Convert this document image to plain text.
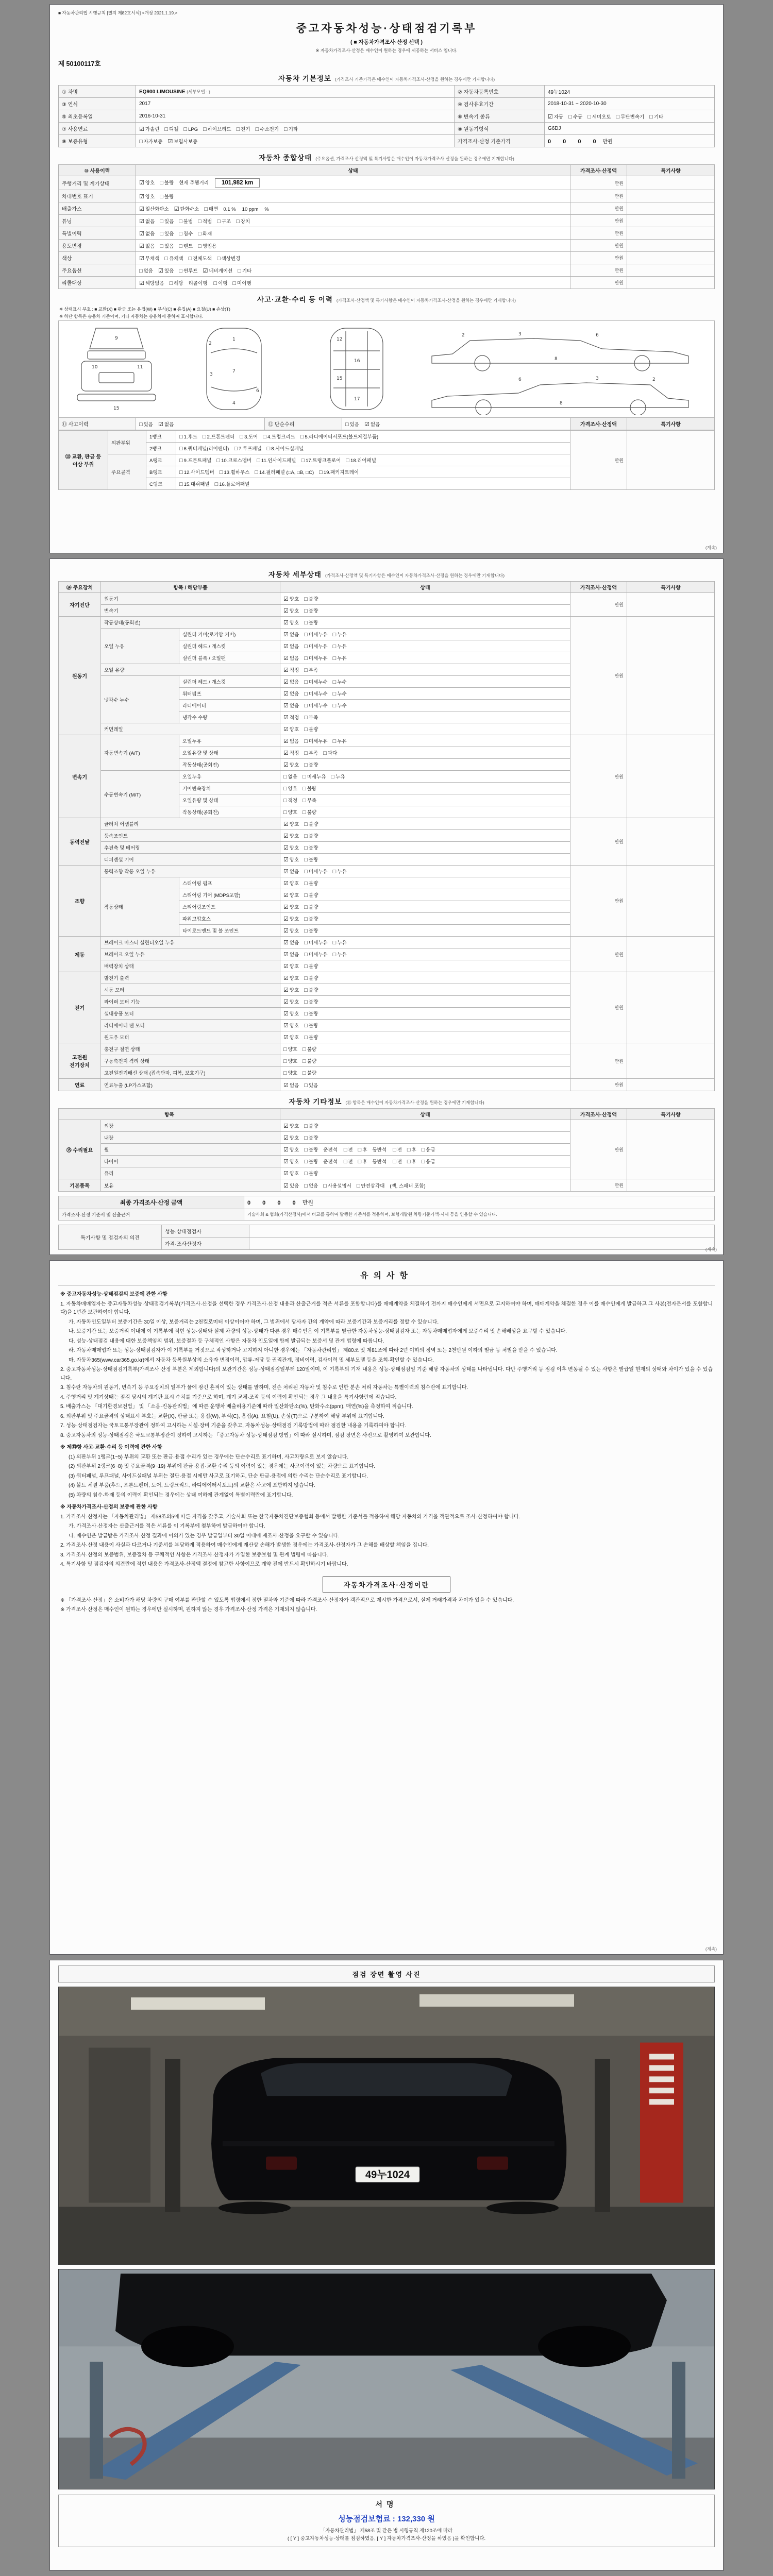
■ 자동차관리법 시행규칙 [별지 제82호서식] <개정 2021.1.19.>
중고자동차성능·상태점검기록부
( ■ 자동차가격조사·산정 선택 )
※ 자동차가격조사·산정은 매수인이 원하는 경우에 제공하는 서비스 입니다.
제 50100117호
자동차 기본정보 (가격조사 기준가격은 매수인이 자동차가격조사·산정을 원하는 경우에만 기재합니다)
① 차명	EQ900 LIMOUSINE (세부모델 : )	② 자동차등록번호	49누1024
③ 연식	2017	④ 검사유효기간	2018-10-31 ~ 2020-10-30
⑤ 최초등록일	2016-10-31	⑥ 변속기 종류	☑ 자동 □ 수동 □ 세미오토 □ 무단변속기 □ 기타
⑦ 사용연료	☑ 가솔린 □ 디젤 □ LPG □ 하이브리드 □ 전기 □ 수소전기 □ 기타	⑧ 원동기형식	G6DJ
⑨ 보증유형	□ 자가보증 ☑ 보험사보증	가격조사·산정 기준가격	0 0 0 0 만원
자동차 종합상태 (주요옵션, 가격조사·산정액 및 특기사항은 매수인이 자동차가격조사·산정을 원하는 경우에만 기재합니다)
⑩ 사용이력	상태	가격조사·산정액	특기사항
주행거리 및 계기상태	☑ 양호 □ 불량 현재 주행거리 101,982 km	만원	
차대번호 표기	☑ 양호 □ 불량	만원	
배출가스	☑ 일산화탄소 ☑ 탄화수소 □ 매연 0.1 % 10 ppm %	만원	
튜닝	☑ 없음 □ 있음 □ 불법 □ 적법 □ 구조 □ 장치	만원	
특별이력	☑ 없음 □ 있음 □ 침수 □ 화재	만원	
용도변경	☑ 없음 □ 있음 □ 렌트 □ 영업용	만원	
색상	☑ 무채색 □ 유채색 □ 전체도색 □ 색상변경	만원	
주요옵션	□ 없음 ☑ 있음 □ 썬루프 ☑ 네비게이션 □ 기타	만원	
리콜대상	☑ 해당없음 □ 해당 리콜이행 □ 이행 □ 미이행	만원	
사고·교환·수리 등 이력 (가격조사·산정액 및 특기사항은 매수인이 자동차가격조사·산정을 원하는 경우에만 기재합니다)
※ 상태표시 부호 : ■ 교환(X) ■ 판금 또는 용접(W) ■ 부식(C) ■ 흠집(A) ■ 요철(U) ■ 손상(T)
※ 하단 항목은 승용차 기준이며, 기타 자동차는 승용차에 준하여 표시합니다.
9
10	11
15
1
7
4
3
2
6
16
12
17
15
2	3	6
8
2
3
6
8
⑪ 사고이력	□ 있음 ☑ 없음	⑫ 단순수리	□ 있음 ☑ 없음	가격조사·산정액	특기사항
⑬ 교환, 판금 등 이상 부위	외판부위	1랭크	□ 1.후드 □ 2.프론트펜더 □ 3.도어 □ 4.트렁크리드 □ 5.라디에이터서포트(볼트체결부품)	만원	
		2랭크	□ 6.쿼터패널(리어펜더) □ 7.루프패널 □ 8.사이드실패널		
	주요골격	A랭크	□ 9.프론트패널 □ 10.크로스멤버 □ 11.인사이드패널 □ 17.트렁크플로어 □ 18.리어패널		
		B랭크	□ 12.사이드멤버 □ 13.휠하우스 □ 14.필러패널 (□A, □B, □C) □ 19.패키지트레이		
		C랭크	□ 15.대쉬패널 □ 16.플로어패널		
(계속)
자동차 세부상태 (가격조사·산정액 및 특기사항은 매수인이 자동차가격조사·산정을 원하는 경우에만 기재합니다)
⑭ 주요장치	항목 / 해당부품		상태	가격조사·산정액	특기사항
자기진단	원동기		☑ 양호 □ 불량	만원	
	변속기		☑ 양호 □ 불량		
원동기	작동상태(공회전)		☑ 양호 □ 불량	만원	
	오일 누유	실린더 커버(로커암 커버)	☑ 없음 □ 미세누유 □ 누유		
		실린더 헤드 / 개스킷	☑ 없음 □ 미세누유 □ 누유		
		실린더 블록 / 오일팬	☑ 없음 □ 미세누유 □ 누유		
	오일 유량		☑ 적정 □ 부족		
	냉각수 누수	실린더 헤드 / 개스킷	☑ 없음 □ 미세누수 □ 누수		
		워터펌프	☑ 없음 □ 미세누수 □ 누수		
		라디에이터	☑ 없음 □ 미세누수 □ 누수		
		냉각수 수량	☑ 적정 □ 부족		
	커먼레일		☑ 양호 □ 불량		
변속기	자동변속기 (A/T)	오일누유	☑ 없음 □ 미세누유 □ 누유	만원	
		오일유량 및 상태	☑ 적정 □ 부족 □ 과다		
		작동상태(공회전)	☑ 양호 □ 불량		
	수동변속기 (M/T)	오일누유	□ 없음 □ 미세누유 □ 누유		
		기어변속장치	□ 양호 □ 불량		
		오일유량 및 상태	□ 적정 □ 부족		
		작동상태(공회전)	□ 양호 □ 불량		
동력전달	클러치 어셈블리		☑ 양호 □ 불량	만원	
	등속조인트		☑ 양호 □ 불량		
	추진축 및 베어링		☑ 양호 □ 불량		
	디퍼렌셜 기어		☑ 양호 □ 불량		
조향	동력조향 작동 오일 누유		☑ 없음 □ 미세누유 □ 누유	만원	
	작동상태	스티어링 펌프	☑ 양호 □ 불량		
		스티어링 기어 (MDPS포함)	☑ 양호 □ 불량		
		스티어링조인트	☑ 양호 □ 불량		
		파워고압호스	☑ 양호 □ 불량		
		타이로드엔드 및 볼 조인트	☑ 양호 □ 불량		
제동	브레이크 마스터 실린더오일 누유		☑ 없음 □ 미세누유 □ 누유	만원	
	브레이크 오일 누유		☑ 없음 □ 미세누유 □ 누유		
	배력장치 상태		☑ 양호 □ 불량		
전기	발전기 출력		☑ 양호 □ 불량	만원	
	시동 모터		☑ 양호 □ 불량		
	와이퍼 모터 기능		☑ 양호 □ 불량		
	실내송풍 모터		☑ 양호 □ 불량		
	라디에이터 팬 모터		☑ 양호 □ 불량		
	윈도우 모터		☑ 양호 □ 불량		
고전원 전기장치	충전구 절연 상태		□ 양호 □ 불량	만원	
	구동축전지 격리 상태		□ 양호 □ 불량		
	고전원전기배선 상태 (접속단자, 피복, 보호기구)		□ 양호 □ 불량		
연료	연료누출 (LP가스포함)		☑ 없음 □ 있음	만원	
자동차 기타정보 (⑮ 항목은 매수인이 자동차가격조사·산정을 원하는 경우에만 기재합니다)
항목		상태	가격조사·산정액	특기사항
⑮ 수리필요	외장	☑ 양호 □ 불량	만원	
	내장	☑ 양호 □ 불량		
	휠	☑ 양호 □ 불량 운전석 □ 전 □ 후 동반석 □ 전 □ 후 □ 응급		
	타이어	☑ 양호 □ 불량 운전석 □ 전 □ 후 동반석 □ 전 □ 후 □ 응급		
	유리	☑ 양호 □ 불량		
기본품목	보유	☑ 있음 □ 없음 □ 사용설명서 □ 안전삼각대 (잭, 스패너 포함)	만원	
최종 가격조사·산정 금액	0 0 0 0 만원
가격조사·산정 기준서 및 산출근거	기술사회 & 협회(가격산정사)에서 비교를 통하여 발행한 기준서를 적용하며, 보험개발원 차량기준가액·시세 등을 인용할 수 있습니다.
특기사항 및 점검자의 의견	성능·상태점검자	
	가격·조사산정자	
(계속)
유의사항
※ 중고자동차성능·상태점검의 보증에 관한 사항
1. 자동차매매업자는 중고자동차성능·상태점검기록부(가격조사·산정을 선택한 경우 가격조사·산정 내용과 산출근거를 적은 서류를 포함합니다)를 매매계약을 체결하기 전까지 매수인에게 서면으로 고지하여야 하며, 매매계약을 체결한 경우 이를 매수인에게 발급하고 그 사본(전자문서를 포함합니다)을 1년간 보관하여야 합니다.
가. 자동차인도일부터 보증기간은 30일 이상, 보증거리는 2천킬로미터 이상이어야 하며, 그 범위에서 당사자 간의 계약에 따라 보증기간과 보증거리를 정할 수 있습니다.
나. 보증기간 또는 보증거리 이내에 이 기록부에 적힌 성능·상태와 실제 차량의 성능·상태가 다른 경우 매수인은 이 기록부를 발급한 자동차성능·상태점검자 또는 자동차매매업자에게 보증수리 및 손해배상을 요구할 수 있습니다.
다. 성능·상태점검 내용에 대한 보증책임의 범위, 보증절차 등 구체적인 사항은 자동차 인도일에 함께 발급되는 보증서 및 관계 법령에 따릅니다.
라. 자동차매매업자 또는 성능·상태점검자가 이 기록부를 거짓으로 작성하거나 고지하지 아니한 경우에는 「자동차관리법」 제80조 및 제81조에 따라 2년 이하의 징역 또는 2천만원 이하의 벌금 등 처벌을 받을 수 있습니다.
마. 자동차365(www.car365.go.kr)에서 자동차 등록원부상의 소유자 변경이력, 압류·저당 등 권리관계, 정비이력, 검사이력 및 세부모델 등을 조회·확인할 수 있습니다.
2. 중고자동차성능·상태점검기록부(가격조사·산정 부분은 제외합니다)의 보관기간은 성능·상태점검일부터 120일이며, 이 기록부의 기재 내용은 성능·상태점검일 기준 해당 자동차의 상태를 나타냅니다. 다만 주행거리 등 점검 이후 변동될 수 있는 사항은 발급일 현재의 상태와 차이가 있을 수 있습니다.
3. 침수란 자동차의 원동기, 변속기 등 주요장치의 일부가 물에 잠긴 흔적이 있는 상태를 말하며, 전손 처리된 자동차 및 침수로 인한 분손 처리 자동차는 특별이력의 침수란에 표기합니다.
4. 주행거리 및 계기상태는 점검 당시의 계기판 표시 수치를 기준으로 하며, 계기 교체·조작 등의 이력이 확인되는 경우 그 내용을 특기사항란에 적습니다.
5. 배출가스는 「대기환경보전법」 및 「소음·진동관리법」에 따른 운행차 배출허용기준에 따라 일산화탄소(%), 탄화수소(ppm), 매연(%)을 측정하여 적습니다.
6. 외판부위 및 주요골격의 상태표시 부호는 교환(X), 판금 또는 용접(W), 부식(C), 흠집(A), 요철(U), 손상(T)으로 구분하여 해당 부위에 표기합니다.
7. 성능·상태점검자는 국토교통부장관이 정하여 고시하는 시설·장비 기준을 갖추고, 자동차성능·상태점검 기록방법에 따라 점검한 내용을 기록하여야 합니다.
8. 중고자동차의 성능·상태점검은 국토교통부장관이 정하여 고시하는 「중고자동차 성능·상태점검 방법」에 따라 실시하며, 점검 장면은 사진으로 촬영하여 보관합니다.
※ 제⑬항 사고·교환·수리 등 이력에 관한 사항
(1) 외판부위 1랭크(1~5) 부위의 교환 또는 판금·용접 수리가 있는 경우에는 단순수리로 표기하며, 사고차량으로 보지 않습니다.
(2) 외판부위 2랭크(6~8) 및 주요골격(9~19) 부위에 판금·용접·교환 수리 등의 이력이 있는 경우에는 사고이력이 있는 차량으로 표기합니다.
(3) 쿼터패널, 루프패널, 사이드실패널 부위는 절단·용접 시에만 사고로 표기하고, 단순 판금·용접에 의한 수리는 단순수리로 표기합니다.
(4) 볼트 체결 부품(후드, 프론트펜더, 도어, 트렁크리드, 라디에이터서포트)의 교환은 사고에 포함하지 않습니다.
(5) 차량의 침수·화재 등의 이력이 확인되는 경우에는 상태 여하에 관계없이 특별이력란에 표기합니다.
※ 자동차가격조사·산정의 보증에 관한 사항
1. 가격조사·산정자는 「자동차관리법」 제58조의5에 따른 자격을 갖추고, 기술사회 또는 한국자동차진단보증협회 등에서 발행한 기준서를 적용하여 해당 자동차의 가격을 객관적으로 조사·산정하여야 합니다.
가. 가격조사·산정자는 산출근거를 적은 서류를 이 기록부에 첨부하여 발급하여야 합니다.
나. 매수인은 발급받은 가격조사·산정 결과에 이의가 있는 경우 발급일부터 30일 이내에 재조사·산정을 요구할 수 있습니다.
2. 가격조사·산정 내용이 사실과 다르거나 기준서를 부당하게 적용하여 매수인에게 재산상 손해가 발생한 경우에는 가격조사·산정자가 그 손해를 배상할 책임을 집니다.
3. 가격조사·산정의 보증범위, 보증절차 등 구체적인 사항은 가격조사·산정자가 가입한 보증보험 및 관계 법령에 따릅니다.
4. 특기사항 및 점검자의 의견란에 적힌 내용은 가격조사·산정액 결정에 참고한 사항이므로 계약 전에 반드시 확인하시기 바랍니다.
자동차가격조사·산정이란
※ 「가격조사·산정」은 소비자가 해당 차량의 구매 여부를 판단할 수 있도록 법령에서 정한 절차와 기준에 따라 가격조사·산정자가 객관적으로 제시한 가격으로서, 실제 거래가격과 차이가 있을 수 있습니다.
※ 가격조사·산정은 매수인이 원하는 경우에만 실시하며, 원하지 않는 경우 가격조사·산정 가격은 기재되지 않습니다.
(계속)
점검 장면 촬영 사진
49누1024
서명
성능점검보험료 : 132,330 원
「자동차관리법」 제58조 및 같은 법 시행규칙 제120조에 따라
( [ Y ] 중고자동차성능·상태를 점검하였음, [ Y ] 자동차가격조사·산정을 하였음 )을 확인합니다.
